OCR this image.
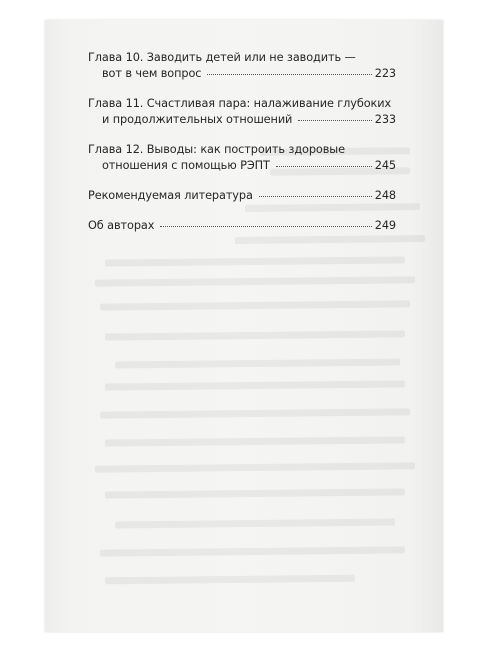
Глава 10. Заводить детей или не заводить —
вот в чем вопрос	223
Глава 11. Счастливая пара: налаживание глубоких
и продолжительных отношений	233
Глава 12. Выводы: как построить здоровые
отношения с помощью РЭПТ	245
Рекомендуемая литература	248
Об авторах	249
